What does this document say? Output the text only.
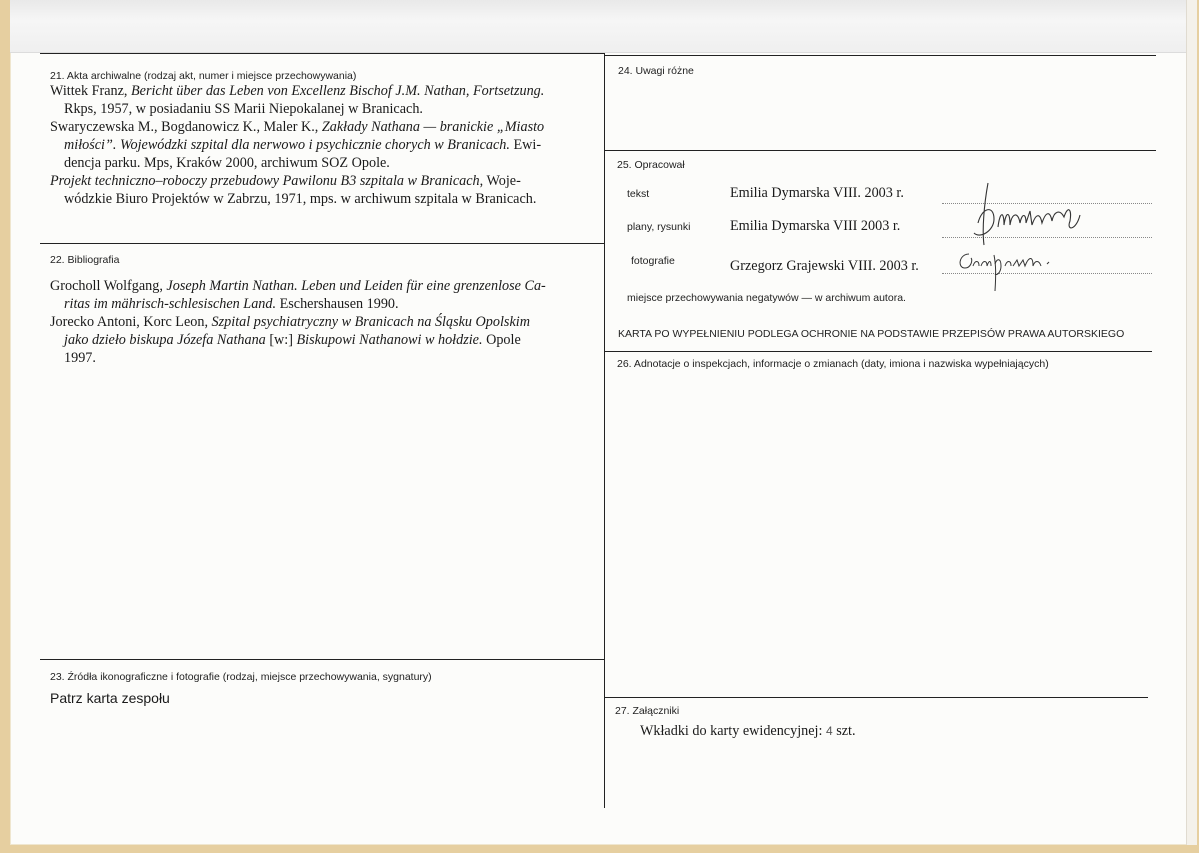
21. Akta archiwalne (rodzaj akt, numer i miejsce przechowywania)

Wittek Franz, Bericht über das Leben von Excellenz Bischof J.M. Nathan, Fortsetzung.

Rkps, 1957, w posiadaniu SS Marii Niepokalanej w Branicach.

Swaryczewska M., Bogdanowicz K., Maler K., Zakłady Nathana — branickie „Miasto

miłości”. Wojewódzki szpital dla nerwowo i psychicznie chorych w Branicach. Ewi-

dencja parku. Mps, Kraków 2000, archiwum SOZ Opole.

Projekt techniczno–roboczy przebudowy Pawilonu B3 szpitala w Branicach, Woje-

wódzkie Biuro Projektów w Zabrzu, 1971, mps. w archiwum szpitala w Branicach.

22. Bibliografia

Grocholl Wolfgang, Joseph Martin Nathan. Leben und Leiden für eine grenzenlose Ca-

ritas im mährisch-schlesischen Land. Eschershausen 1990.

Jorecko Antoni, Korc Leon, Szpital psychiatryczny w Branicach na Śląsku Opolskim

jako dzieło biskupa Józefa Nathana [w:] Biskupowi Nathanowi w hołdzie. Opole

1997.

23. Źródła ikonograficzne i fotografie (rodzaj, miejsce przechowywania, sygnatury)
Patrz karta zespołu
24. Uwagi różne
25. Opracował
tekst	Emilia Dymarska VIII. 2003 r.
plany, rysunki	Emilia Dymarska VIII 2003 r.
fotografie	Grzegorz Grajewski VIII. 2003 r.
miejsce przechowywania negatywów — w archiwum autora.
KARTA PO WYPEŁNIENIU PODLEGA OCHRONIE NA PODSTAWIE PRZEPISÓW PRAWA AUTORSKIEGO
26. Adnotacje o inspekcjach, informacje o zmianach (daty, imiona i nazwiska wypełniających)
27. Załączniki
Wkładki do karty ewidencyjnej: 4 szt.
